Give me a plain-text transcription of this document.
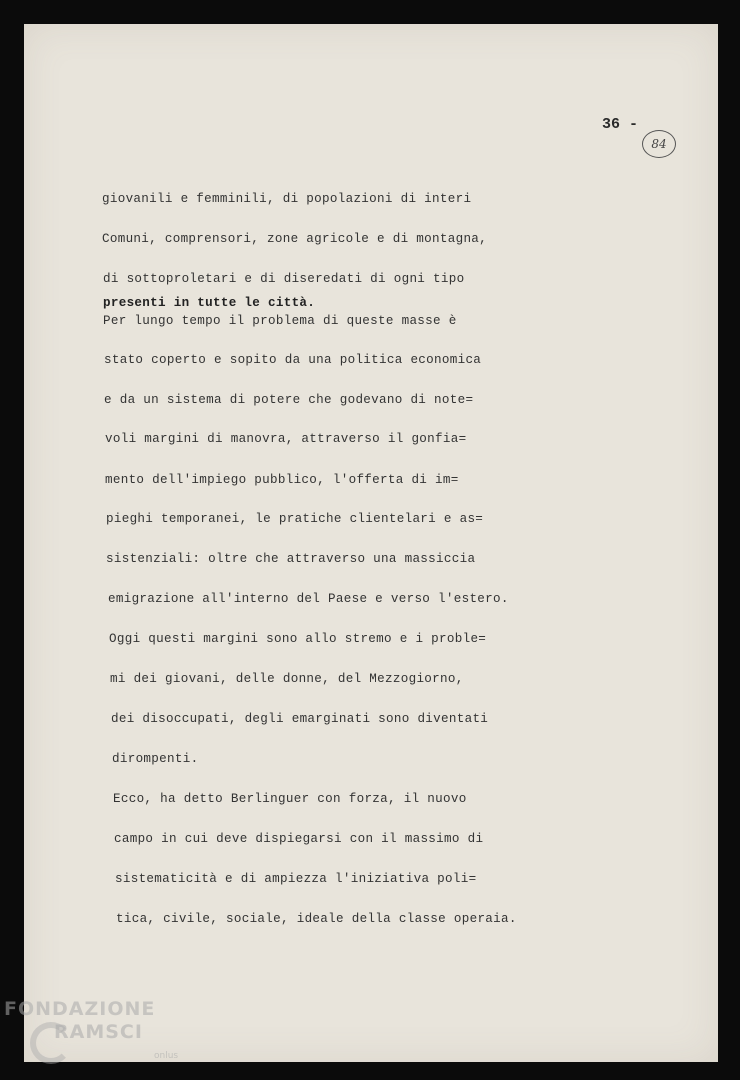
36 -
84
giovanili e femminili, di popolazioni di interi
Comuni, comprensori, zone agricole e di montagna,
di sottoproletari e di diseredati di ogni tipo
presenti in tutte le città.
Per lungo tempo il problema di queste masse è
stato coperto e sopito da una politica economica
e da un sistema di potere che godevano di note=
voli margini di manovra, attraverso il gonfia=
mento dell'impiego pubblico, l'offerta di im=
pieghi temporanei, le pratiche clientelari e as=
sistenziali: oltre che attraverso una massiccia
emigrazione all'interno del Paese e verso l'estero.
Oggi questi margini sono allo stremo e i proble=
mi dei giovani, delle donne, del Mezzogiorno,
dei disoccupati, degli emarginati sono diventati
dirompenti.
Ecco, ha detto Berlinguer con forza, il nuovo
campo in cui deve dispiegarsi con il massimo di
sistematicità e di ampiezza l'iniziativa poli=
tica, civile, sociale, ideale della classe operaia.
FONDAZIONE
RAMSCI
onlus
